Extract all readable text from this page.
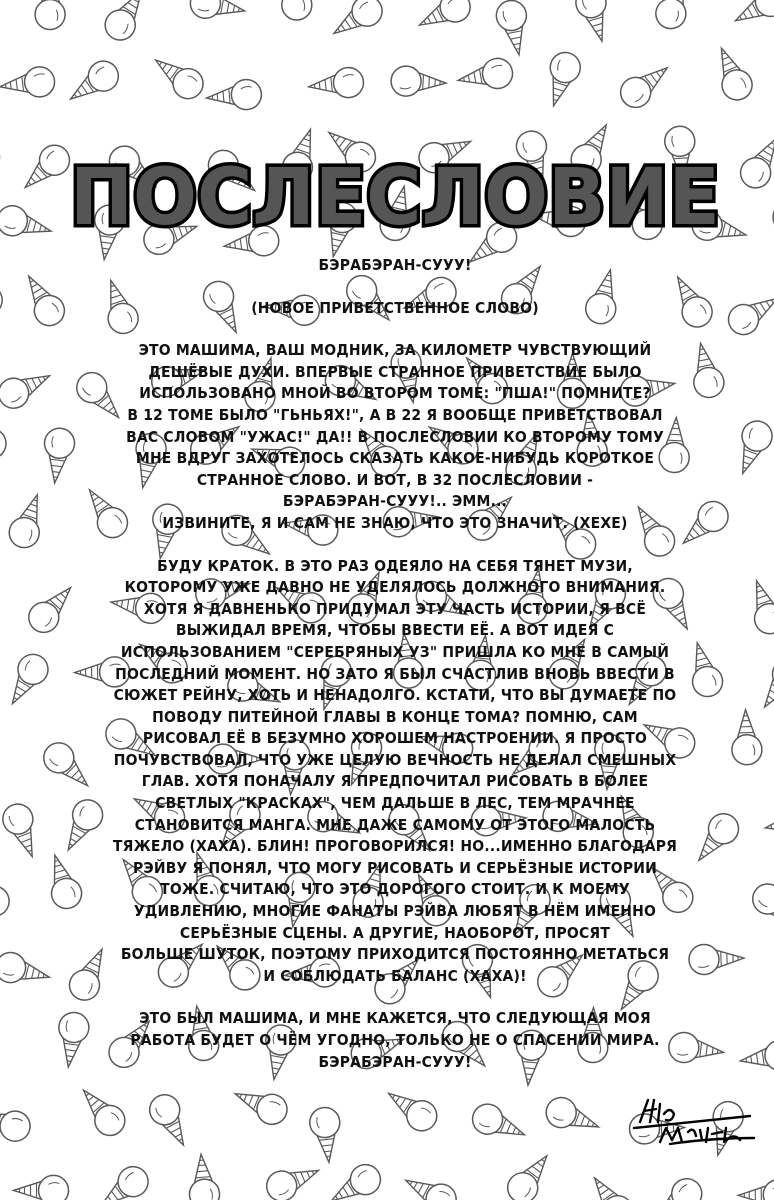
ПОСЛЕСЛОВИЕ
БЭРАБЭРАН-СУУУ!
(НОВОЕ ПРИВЕТСТВЕННОЕ СЛОВО)
ЭТО МАШИМА, ВАШ МОДНИК, ЗА КИЛОМЕТР ЧУВСТВУЮЩИЙ
ДЕШЁВЫЕ ДУХИ. ВПЕРВЫЕ СТРАННОЕ ПРИВЕТСТВИЕ БЫЛО
ИСПОЛЬЗОВАНО МНОЙ ВО ВТОРОМ ТОМЕ: "ПША!" ПОМНИТЕ?
В 12 ТОМЕ БЫЛО "ГЬНЬЯХ!", А В 22 Я ВООБЩЕ ПРИВЕТСТВОВАЛ
ВАС СЛОВОМ "УЖАС!" ДА!! В ПОСЛЕСЛОВИИ КО ВТОРОМУ ТОМУ
МНЕ ВДРУГ ЗАХОТЕЛОСЬ СКАЗАТЬ КАКОЕ-НИБУДЬ КОРОТКОЕ
СТРАННОЕ СЛОВО. И ВОТ, В 32 ПОСЛЕСЛОВИИ -
БЭРАБЭРАН-СУУУ!.. ЭММ...
ИЗВИНИТЕ, Я И САМ НЕ ЗНАЮ, ЧТО ЭТО ЗНАЧИТ. (ХЕХЕ)
БУДУ КРАТОК. В ЭТО РАЗ ОДЕЯЛО НА СЕБЯ ТЯНЕТ МУЗИ,
КОТОРОМУ УЖЕ ДАВНО НЕ УДЕЛЯЛОСЬ ДОЛЖНОГО ВНИМАНИЯ.
ХОТЯ Я ДАВНЕНЬКО ПРИДУМАЛ ЭТУ ЧАСТЬ ИСТОРИИ, Я ВСЁ
ВЫЖИДАЛ ВРЕМЯ, ЧТОБЫ ВВЕСТИ ЕЁ. А ВОТ ИДЕЯ С
ИСПОЛЬЗОВАНИЕМ "СЕРЕБРЯНЫХ УЗ" ПРИШЛА КО МНЕ В САМЫЙ
ПОСЛЕДНИЙ МОМЕНТ. НО ЗАТО Я БЫЛ СЧАСТЛИВ ВНОВЬ ВВЕСТИ В
СЮЖЕТ РЕЙНУ, ХОТЬ И НЕНАДОЛГО. КСТАТИ, ЧТО ВЫ ДУМАЕТЕ ПО
ПОВОДУ ПИТЕЙНОЙ ГЛАВЫ В КОНЦЕ ТОМА? ПОМНЮ, САМ
РИСОВАЛ ЕЁ В БЕЗУМНО ХОРОШЕМ НАСТРОЕНИИ. Я ПРОСТО
ПОЧУВСТВОВАЛ, ЧТО УЖЕ ЦЕЛУЮ ВЕЧНОСТЬ НЕ ДЕЛАЛ СМЕШНЫХ
ГЛАВ. ХОТЯ ПОНАЧАЛУ Я ПРЕДПОЧИТАЛ РИСОВАТЬ В БОЛЕЕ
СВЕТЛЫХ "КРАСКАХ", ЧЕМ ДАЛЬШЕ В ЛЕС, ТЕМ МРАЧНЕЕ
СТАНОВИТСЯ МАНГА. МНЕ ДАЖЕ САМОМУ ОТ ЭТОГО МАЛОСТЬ
ТЯЖЕЛО (ХАХА). БЛИН! ПРОГОВОРИЛСЯ! НО...ИМЕННО БЛАГОДАРЯ
РЭЙВУ Я ПОНЯЛ, ЧТО МОГУ РИСОВАТЬ И СЕРЬЁЗНЫЕ ИСТОРИИ
ТОЖЕ. СЧИТАЮ, ЧТО ЭТО ДОРОГОГО СТОИТ. И К МОЕМУ
УДИВЛЕНИЮ, МНОГИЕ ФАНАТЫ РЭЙВА ЛЮБЯТ В НЁМ ИМЕННО
СЕРЬЁЗНЫЕ СЦЕНЫ. А ДРУГИЕ, НАОБОРОТ, ПРОСЯТ
БОЛЬШЕ ШУТОК, ПОЭТОМУ ПРИХОДИТСЯ ПОСТОЯННО МЕТАТЬСЯ
И СОБЛЮДАТЬ БАЛАНС (ХАХА)!
ЭТО БЫЛ МАШИМА, И МНЕ КАЖЕТСЯ, ЧТО СЛЕДУЮЩАЯ МОЯ
РАБОТА БУДЕТ О ЧЁМ УГОДНО, ТОЛЬКО НЕ О СПАСЕНИИ МИРА.
БЭРАБЭРАН-СУУУ!
